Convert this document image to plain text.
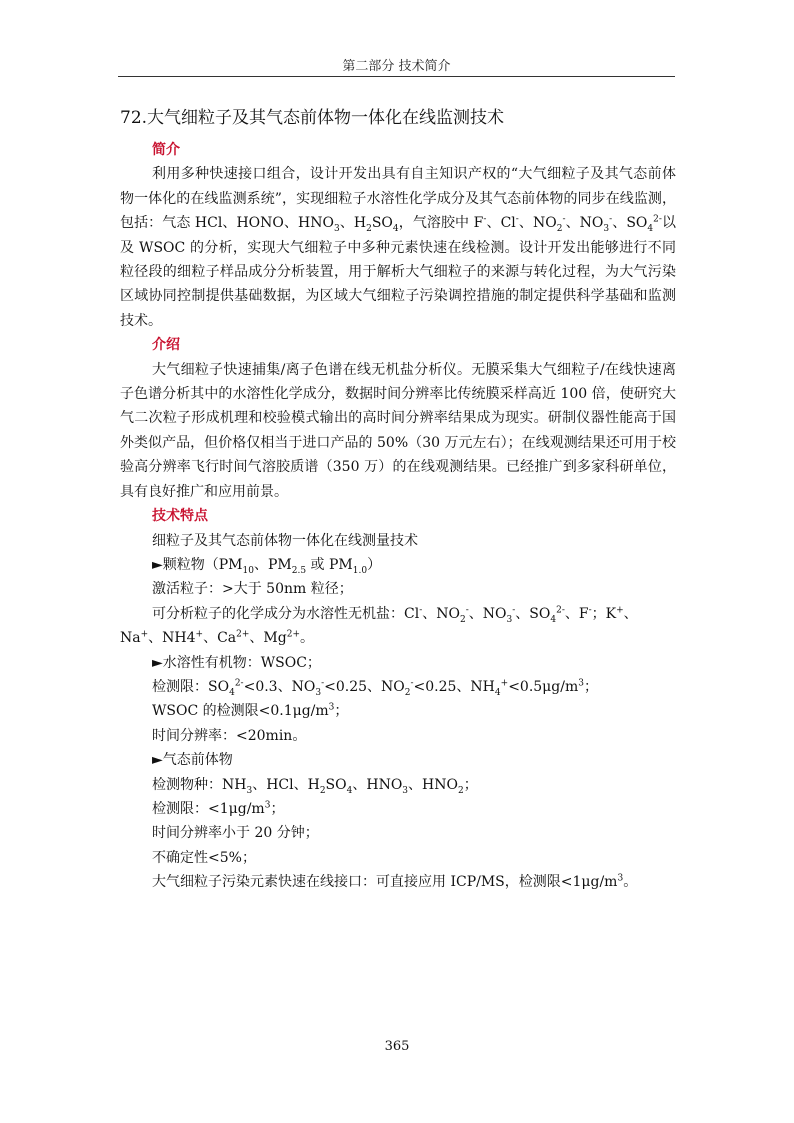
第二部分 技术简介
72.大气细粒子及其气态前体物一体化在线监测技术

简介

利用多种快速接口组合，设计开发出具有自主知识产权的“大气细粒子及其气态前体物一体化的在线监测系统”，实现细粒子水溶性化学成分及其气态前体物的同步在线监测，包括：气态 HCl、HONO、$HNO_3$、$H_2SO_4$，气溶胶中 F-、Cl-、$NO_2^-$、$NO_3^-$、$SO_4^{2-}$以及 WSOC 的分析，实现大气细粒子中多种元素快速在线检测。设计开发出能够进行不同粒径段的细粒子样品成分分析装置，用于解析大气细粒子的来源与转化过程，为大气污染区域协同控制提供基础数据，为区域大气细粒子污染调控措施的制定提供科学基础和监测技术。

介绍

大气细粒子快速捕集/离子色谱在线无机盐分析仪。无膜采集大气细粒子/在线快速离子色谱分析其中的水溶性化学成分，数据时间分辨率比传统膜采样高近 100 倍，使研究大气二次粒子形成机理和校验模式输出的高时间分辨率结果成为现实。研制仪器性能高于国外类似产品，但价格仅相当于进口产品的 50%（30 万元左右）；在线观测结果还可用于校验高分辨率飞行时间气溶胶质谱（350 万）的在线观测结果。已经推广到多家科研单位，具有良好推广和应用前景。

技术特点

细粒子及其气态前体物一体化在线测量技术

►颗粒物（$PM_{10}$、$PM_{2.5}$ 或 $PM_{1.0}$）

激活粒子：>大于 50nm 粒径；

可分析粒子的化学成分为水溶性无机盐：Cl-、$NO_2^-$、$NO_3^-$、$SO_4^{2-}$、F-；K+、Na+、NH4+、$Ca^{2+}$、$Mg^{2+}$。

►水溶性有机物：WSOC；

检测限：$SO_4^{2-}<0.3$、$NO_3^-<0.25$、$NO_2^-<0.25$、$NH_4^+<0.5\mu g/m^3$；

WSOC 的检测限$<0.1\mu g/m^3$；

时间分辨率：<20min。

►气态前体物

检测物种：$NH_3$、HCl、$H_2SO_4$、$HNO_3$、$HNO_2$；

检测限：$<1\mu g/m^3$；

时间分辨率小于 20 分钟；

不确定性<5%；

大气细粒子污染元素快速在线接口：可直接应用 ICP/MS，检测限$<1\mu g/m^3$。

365
